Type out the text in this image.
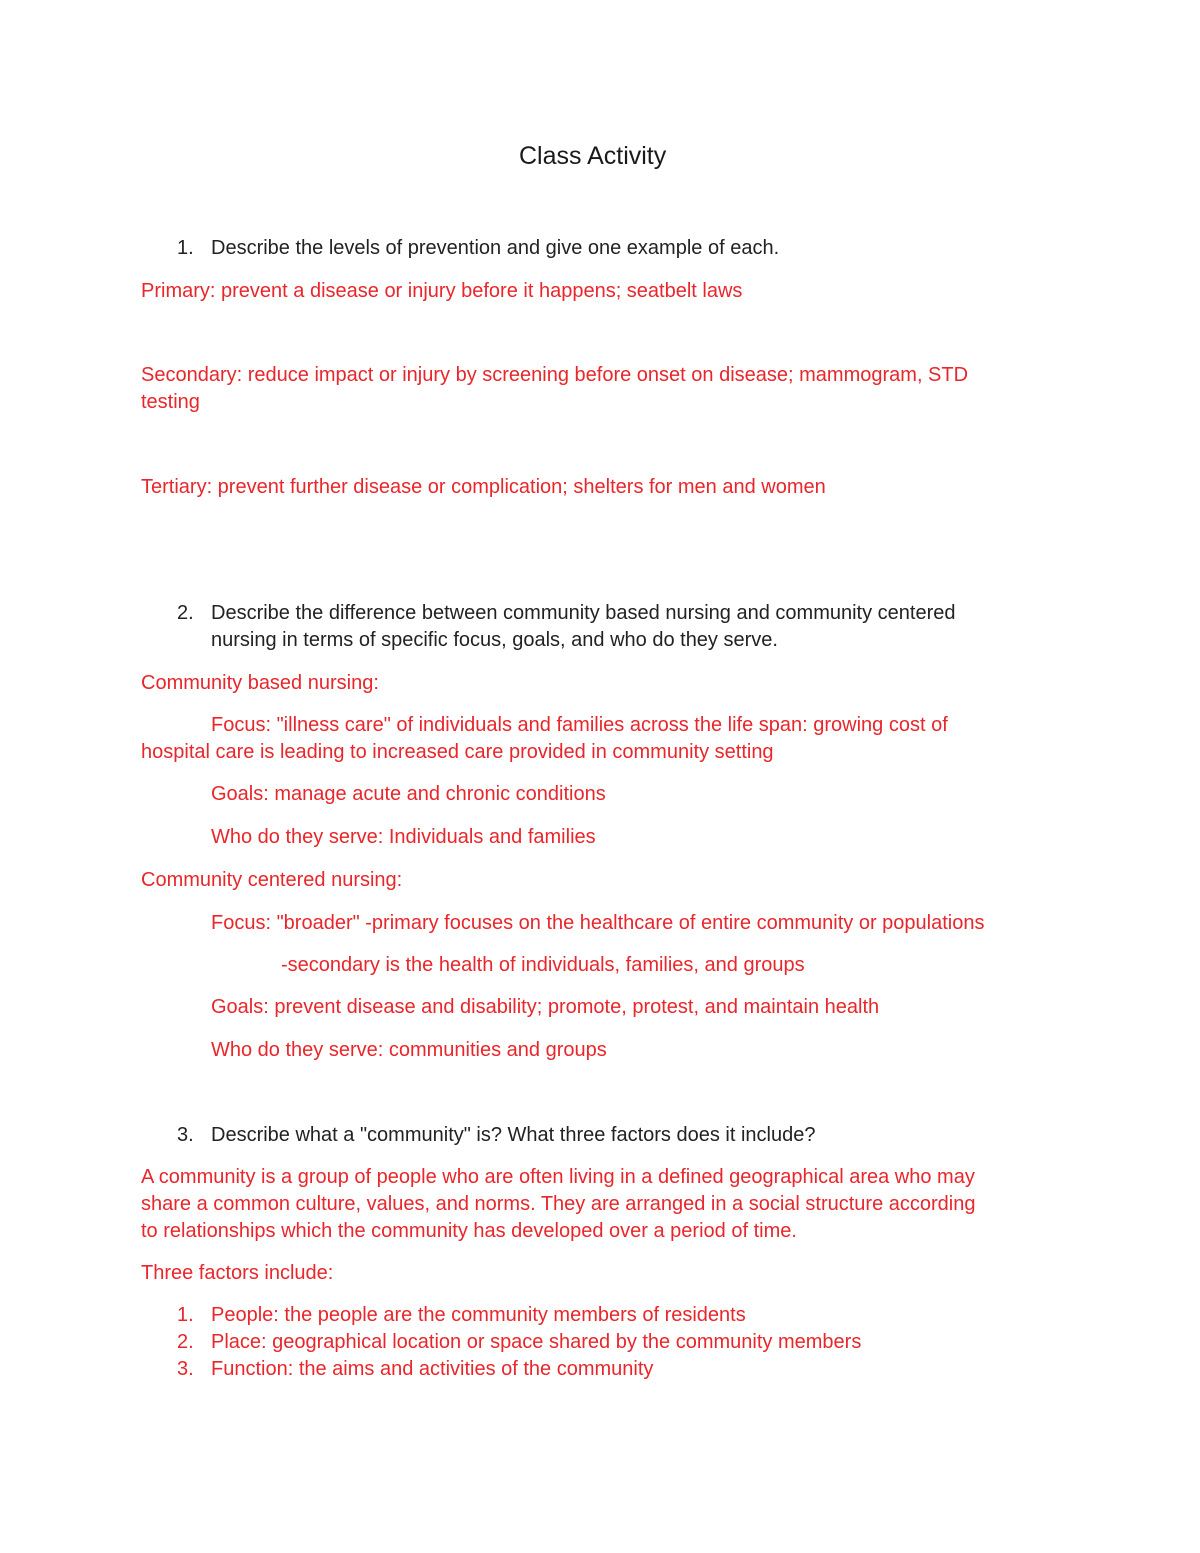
Class Activity
1. Describe the levels of prevention and give one example of each.
Primary: prevent a disease or injury before it happens; seatbelt laws
Secondary: reduce impact or injury by screening before onset on disease; mammogram, STD
testing
Tertiary: prevent further disease or complication; shelters for men and women
2. Describe the difference between community based nursing and community centered
nursing in terms of specific focus, goals, and who do they serve.
Community based nursing:
Focus: "illness care" of individuals and families across the life span: growing cost of
hospital care is leading to increased care provided in community setting
Goals: manage acute and chronic conditions
Who do they serve: Individuals and families
Community centered nursing:
Focus: "broader" -primary focuses on the healthcare of entire community or populations
-secondary is the health of individuals, families, and groups
Goals: prevent disease and disability; promote, protest, and maintain health
Who do they serve: communities and groups
3. Describe what a "community" is? What three factors does it include?
A community is a group of people who are often living in a defined geographical area who may
share a common culture, values, and norms. They are arranged in a social structure according
to relationships which the community has developed over a period of time.
Three factors include:
1. People: the people are the community members of residents
2. Place: geographical location or space shared by the community members
3. Function: the aims and activities of the community
